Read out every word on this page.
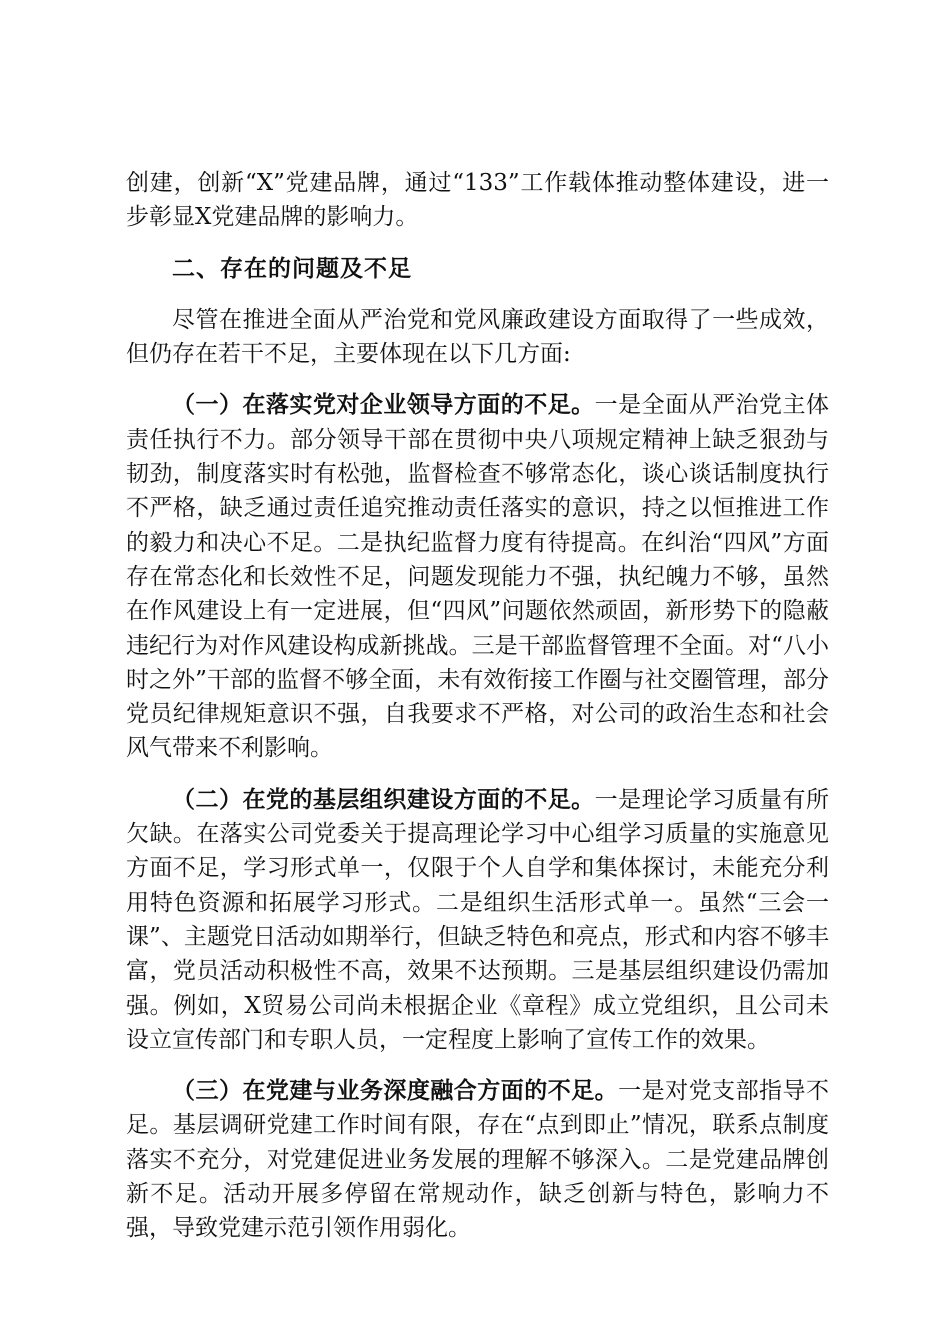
创建，创新“X”党建品牌，通过“133”工作载体推动整体建设，进一步彰显X党建品牌的影响力。

二、存在的问题及不足

尽管在推进全面从严治党和党风廉政建设方面取得了一些成效，但仍存在若干不足，主要体现在以下几方面:

（一）在落实党对企业领导方面的不足。一是全面从严治党主体责任执行不力。部分领导干部在贯彻中央八项规定精神上缺乏狠劲与韧劲，制度落实时有松弛，监督检查不够常态化，谈心谈话制度执行不严格，缺乏通过责任追究推动责任落实的意识，持之以恒推进工作的毅力和决心不足。二是执纪监督力度有待提高。在纠治“四风”方面存在常态化和长效性不足，问题发现能力不强，执纪魄力不够，虽然在作风建设上有一定进展，但“四风”问题依然顽固，新形势下的隐蔽违纪行为对作风建设构成新挑战。三是干部监督管理不全面。对“八小时之外”干部的监督不够全面，未有效衔接工作圈与社交圈管理，部分党员纪律规矩意识不强，自我要求不严格，对公司的政治生态和社会风气带来不利影响。

（二）在党的基层组织建设方面的不足。一是理论学习质量有所欠缺。在落实公司党委关于提高理论学习中心组学习质量的实施意见方面不足，学习形式单一，仅限于个人自学和集体探讨，未能充分利用特色资源和拓展学习形式。二是组织生活形式单一。虽然“三会一课”、主题党日活动如期举行，但缺乏特色和亮点，形式和内容不够丰富，党员活动积极性不高，效果不达预期。三是基层组织建设仍需加强。例如，X贸易公司尚未根据企业《章程》成立党组织，且公司未设立宣传部门和专职人员，一定程度上影响了宣传工作的效果。

（三）在党建与业务深度融合方面的不足。一是对党支部指导不足。基层调研党建工作时间有限，存在“点到即止”情况，联系点制度落实不充分，对党建促进业务发展的理解不够深入。二是党建品牌创新不足。活动开展多停留在常规动作，缺乏创新与特色，影响力不强，导致党建示范引领作用弱化。
